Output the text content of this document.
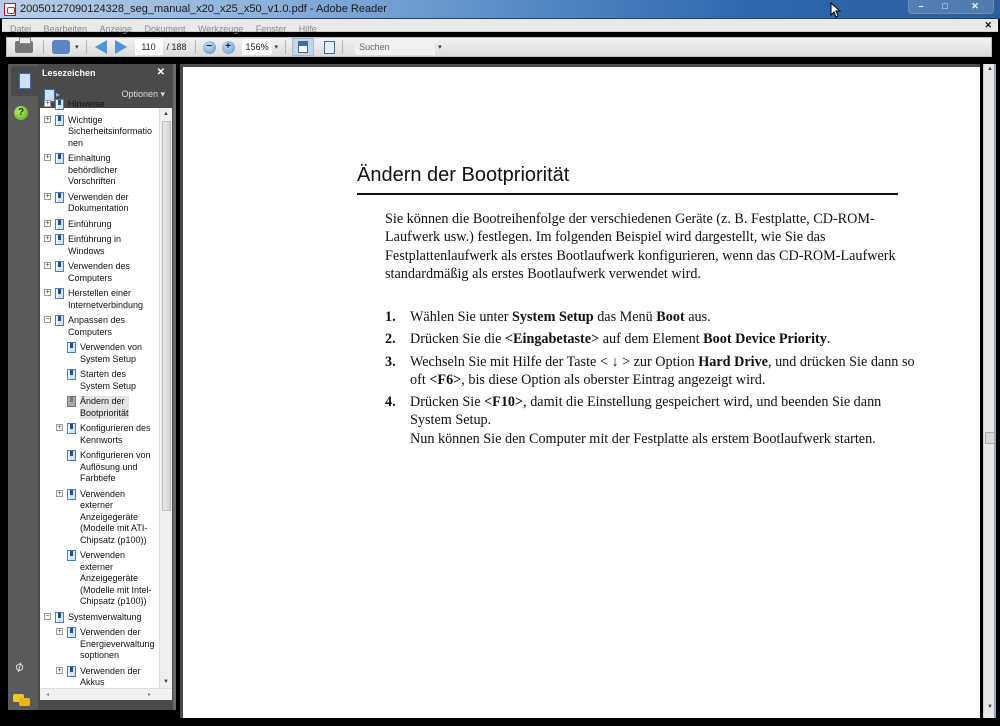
20050127090124328_seg_manual_x20_x25_x50_v1.0.pdf - Adobe Reader	–	□	✕
Datei Bearbeiten Anzeige Dokument Werkzeuge Fenster Hilfe	✕
▾	110	/ 188	−	+	156% ▾	Suchen	▾
?
⌀
Lesezeichen	✕
▸
Optionen ▾
▲
▼
◂	▸
+ Hinweise
+ Wichtige
Sicherheitsinformatio
nen
+ Einhaltung
behördlicher
Vorschriften
+ Verwenden der
Dokumentation
+ Einführung
+ Einführung in
Windows
+ Verwenden des
Computers
+ Herstellen einer
Internetverbindung
− Anpassen des
Computers
Verwenden von
System Setup
Starten des
System Setup
Ändern der
Bootpriorität
+ Konfigurieren des
Kennworts
Konfigurieren von
Auflösung und
Farbtiefe
+ Verwenden
externer
Anzeigegeräte
(Modelle mit ATI-
Chipsatz (p100))
Verwenden
externer
Anzeigegeräte
(Modelle mit Intel-
Chipsatz (p100))
− Systemverwaltung
+ Verwenden der
Energieverwaltung
soptionen
+ Verwenden der
Akkus
Ändern der Bootpriorität
Sie können die Bootreihenfolge der verschiedenen Geräte (z. B. Festplatte, CD-ROM-Laufwerk usw.) festlegen. Im folgenden Beispiel wird dargestellt, wie Sie das Festplattenlaufwerk als erstes Bootlaufwerk konfigurieren, wenn das CD-ROM-Laufwerk standardmäßig als erstes Bootlaufwerk verwendet wird.
1. Wählen Sie unter System Setup das Menü Boot aus.
2. Drücken Sie die <Eingabetaste> auf dem Element Boot Device Priority.
3. Wechseln Sie mit Hilfe der Taste < ↓ > zur Option Hard Drive, und drücken Sie dann so oft <F6>, bis diese Option als oberster Eintrag angezeigt wird.
4. Drücken Sie <F10>, damit die Einstellung gespeichert wird, und beenden Sie dann System Setup.
Nun können Sie den Computer mit der Festplatte als erstem Bootlaufwerk starten.
▲
▼
